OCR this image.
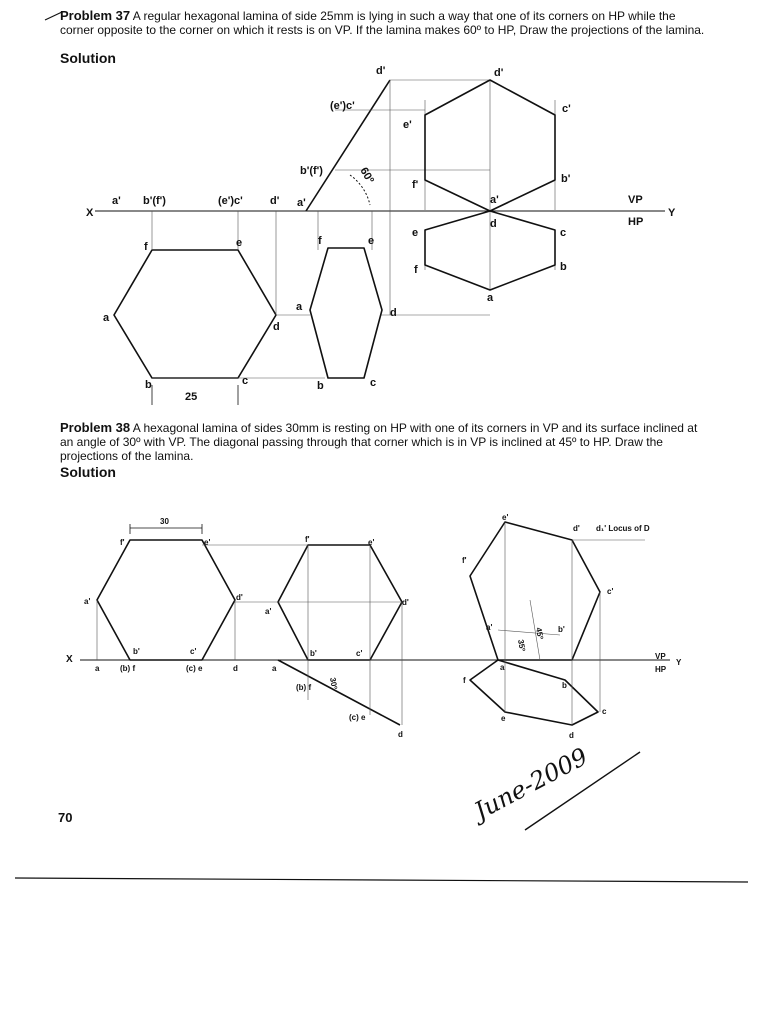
Problem 37 A regular hexagonal lamina of side 25mm is lying in such a way that one of its corners on HP while the corner opposite to the corner on which it rests is on VP. If the lamina makes 60º to HP, Draw the projections of the lamina.
Solution
Problem 38 A hexagonal lamina of sides 30mm is resting on HP with one of its corners in VP and its surface inclined at an angle of 30º with VP. The diagonal passing through that corner which is in VP is inclined at 45º to HP. Draw the projections of the lamina.
Solution
X	Y
VP
HP
d'
(e')c'
b'(f')	60º
a' b'(f')	(e')c' d' a'
f	e
a
d
b	c
25
f	e
a	d
b	c
d'
c'
e'
f'	b'
a'
d
e	c
f	b
a
30
f'	e'
a'	d'
b'	c'
X
a	(b) f	(c) e	d
f'	e'
a'
d'
b'	c'
a
(b) f
(c) e
d
30º
e'
d' d₁' Locus of D
f'
c'
a'	b'
45º
35º
VP
HP
Y
a
f
b
c
e
d
June-2009
70
